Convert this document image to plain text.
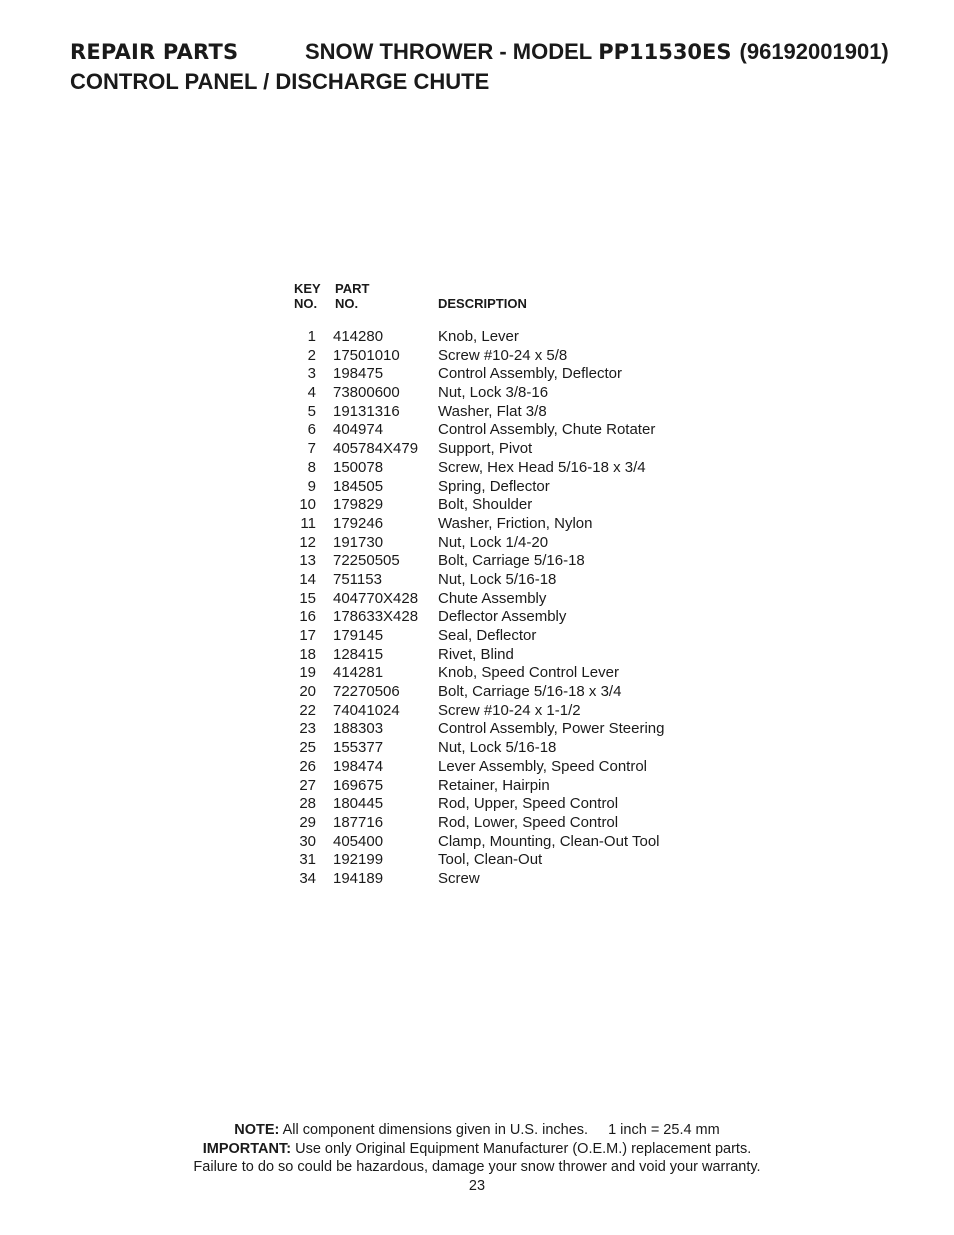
REPAIR PARTS	SNOW THROWER - MODEL PP11530ES (96192001901)
CONTROL PANEL / DISCHARGE CHUTE
KEY
NO.
PART
NO.	DESCRIPTION
1 414280	Knob, Lever
2 17501010	Screw #10-24 x 5/8
3 198475	Control Assembly, Deflector
4 73800600	Nut, Lock 3/8-16
5 19131316	Washer, Flat 3/8
6 404974	Control Assembly, Chute Rotater
7 405784X479 Support, Pivot
8 150078	Screw, Hex Head 5/16-18 x 3/4
9 184505	Spring, Deflector
10 179829	Bolt, Shoulder
11 179246	Washer, Friction, Nylon
12 191730	Nut, Lock 1/4-20
13 72250505	Bolt, Carriage 5/16-18
14 751153	Nut, Lock 5/16-18
15 404770X428 Chute Assembly
16 178633X428 Deflector Assembly
17 179145	Seal, Deflector
18 128415	Rivet, Blind
19 414281	Knob, Speed Control Lever
20 72270506	Bolt, Carriage 5/16-18 x 3/4
22 74041024	Screw #10-24 x 1-1/2
23 188303	Control Assembly, Power Steering
25 155377	Nut, Lock 5/16-18
26 198474	Lever Assembly, Speed Control
27 169675	Retainer, Hairpin
28 180445	Rod, Upper, Speed Control
29 187716	Rod, Lower, Speed Control
30 405400	Clamp, Mounting, Clean-Out Tool
31 192199	Tool, Clean-Out
34 194189	Screw
NOTE: All component dimensions given in U.S. inches. 1 inch = 25.4 mm
IMPORTANT: Use only Original Equipment Manufacturer (O.E.M.) replacement parts.
Failure to do so could be hazardous, damage your snow thrower and void your warranty.
23
